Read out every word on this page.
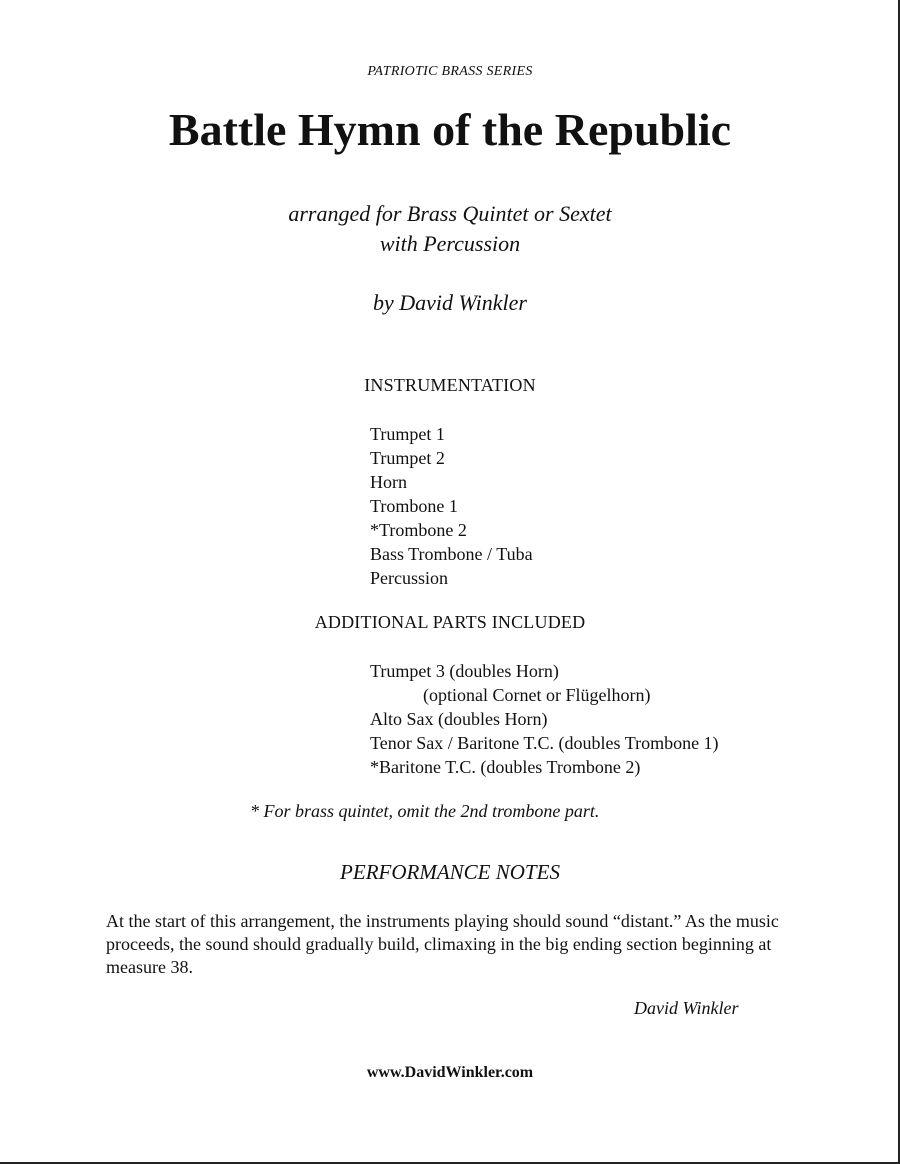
PATRIOTIC BRASS SERIES
Battle Hymn of the Republic
arranged for Brass Quintet or Sextet
with Percussion
by David Winkler
INSTRUMENTATION
Trumpet 1
Trumpet 2
Horn
Trombone 1
*Trombone 2
Bass Trombone / Tuba
Percussion
ADDITIONAL PARTS INCLUDED
Trumpet 3 (doubles Horn)
(optional Cornet or Flügelhorn)
Alto Sax (doubles Horn)
Tenor Sax / Baritone T.C. (doubles Trombone 1)
*Baritone T.C. (doubles Trombone 2)
* For brass quintet, omit the 2nd trombone part.
PERFORMANCE NOTES

At the start of this arrangement, the instruments playing should sound “distant.” As the music proceeds, the sound should gradually build, climaxing in the big ending section beginning at measure 38.

David Winkler
www.DavidWinkler.com
